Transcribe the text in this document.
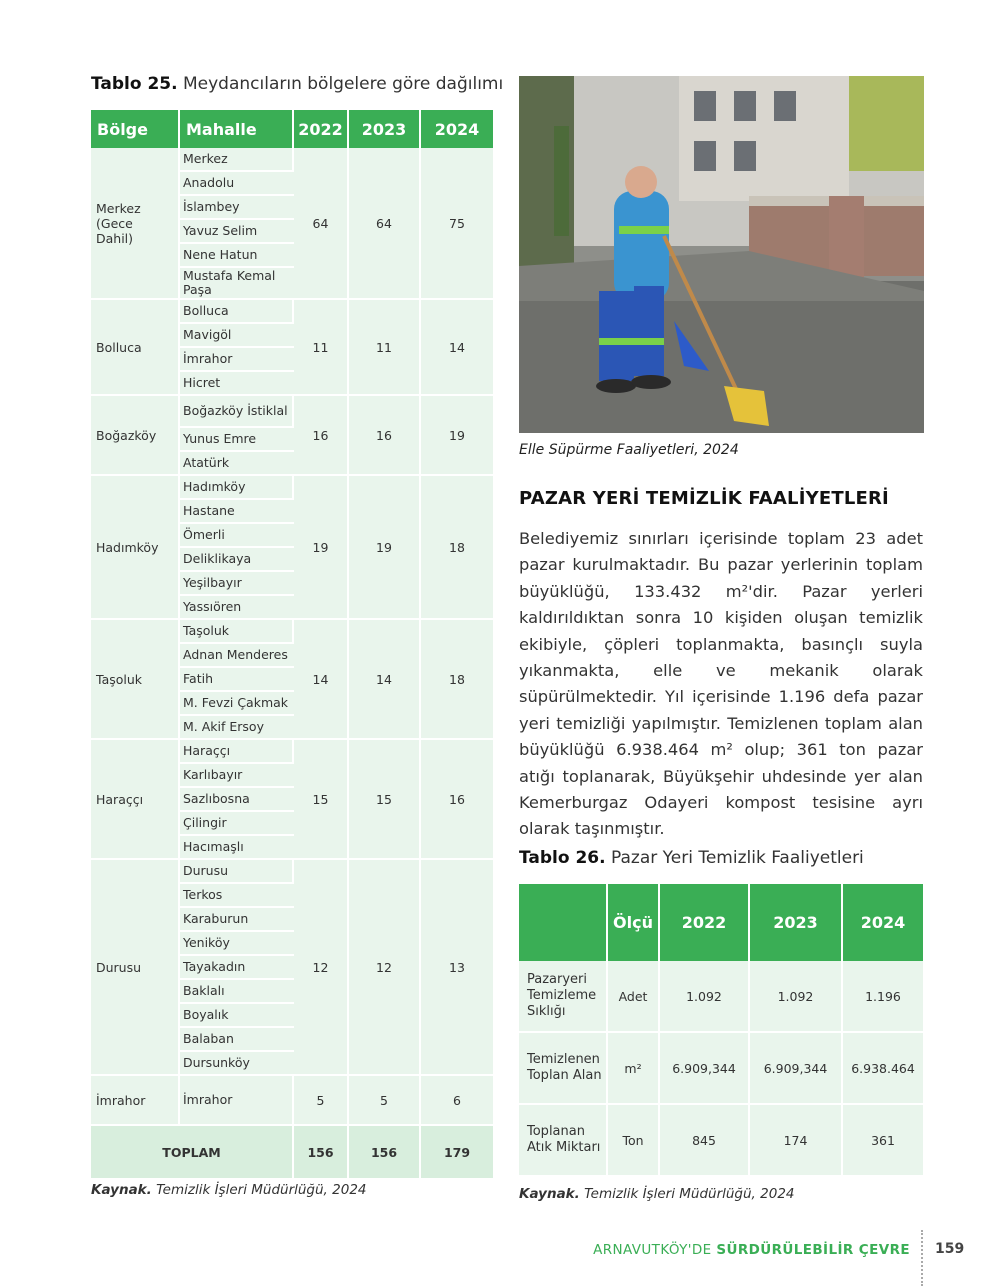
Tablo 25. Meydancıların bölgelere göre dağılımı
Bölge	Mahalle	2022	2023	2024
Merkez (Gece Dahil)	Merkez	64	64	75
	Anadolu			
	İslambey			
	Yavuz Selim			
	Nene Hatun			
	Mustafa Kemal Paşa			
Bolluca	Bolluca	11	11	14
	Mavigöl			
	İmrahor			
	Hicret			
Boğazköy	Boğazköy İstiklal	16	16	19
	Yunus Emre			
	Atatürk			
Hadımköy	Hadımköy	19	19	18
	Hastane			
	Ömerli			
	Deliklikaya			
	Yeşilbayır			
	Yassıören			
Taşoluk	Taşoluk	14	14	18
	Adnan Menderes			
	Fatih			
	M. Fevzi Çakmak			
	M. Akif Ersoy			
Haraççı	Haraççı	15	15	16
	Karlıbayır			
	Sazlıbosna			
	Çilingir			
	Hacımaşlı			
Durusu	Durusu	12	12	13
	Terkos			
	Karaburun			
	Yeniköy			
	Tayakadın			
	Baklalı			
	Boyalık			
	Balaban			
	Dursunköy			
İmrahor	İmrahor	5	5	6
TOPLAM		156	156	179
Kaynak. Temizlik İşleri Müdürlüğü, 2024
Elle Süpürme Faaliyetleri, 2024
PAZAR YERİ TEMİZLİK FAALİYETLERİ
Belediyemiz sınırları içerisinde toplam 23 adet pazar kurulmaktadır. Bu pazar yerlerinin toplam büyüklüğü, 133.432 m²'dir. Pazar yerleri kaldırıldıktan sonra 10 kişiden oluşan temizlik ekibiyle, çöpleri toplanmakta, basınçlı suyla yıkanmakta, elle ve mekanik olarak süpürülmektedir. Yıl içerisinde 1.196 defa pazar yeri temizliği yapılmıştır. Temizlenen toplam alan büyüklüğü 6.938.464 m² olup; 361 ton pazar atığı toplanarak, Büyükşehir uhdesinde yer alan Kemerburgaz Odayeri kompost tesisine ayrı olarak taşınmıştır.
Tablo 26. Pazar Yeri Temizlik Faaliyetleri
	Ölçü	2022	2023	2024
Pazaryeri Temizleme Sıklığı	Adet	1.092	1.092	1.196
Temizlenen Toplan Alan	m²	6.909,344	6.909,344	6.938.464
Toplanan Atık Miktarı	Ton	845	174	361
Kaynak. Temizlik İşleri Müdürlüğü, 2024
ARNAVUTKÖY'DE SÜRDÜRÜLEBİLİR ÇEVRE 159
